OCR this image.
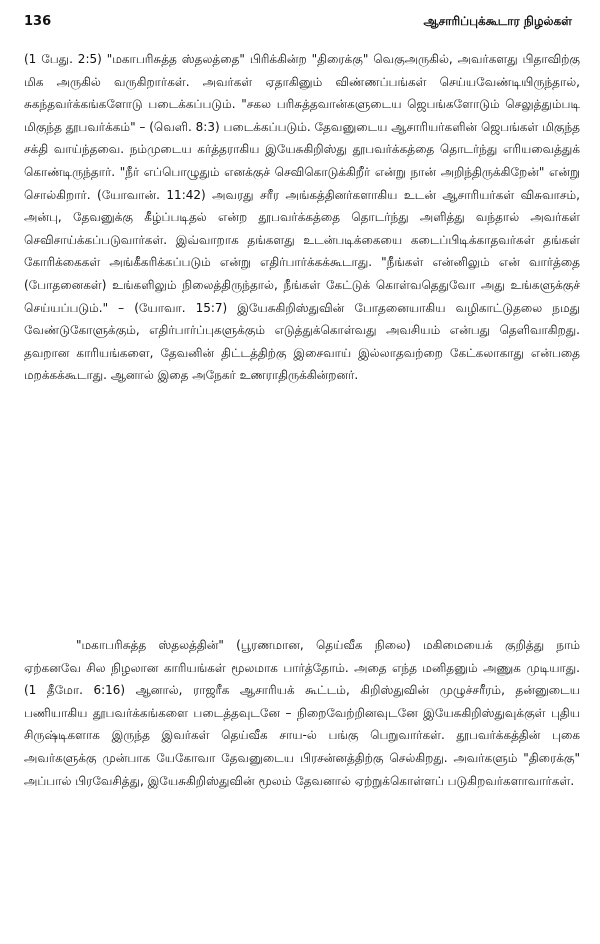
136	ஆசாரிப்புக்கூடார நிழல்கள்

(1 பேது. 2:5) "மகாபரிசுத்த ஸ்தலத்தை" பிரிக்கின்ற "திரைக்கு" வெகுஅருகில், அவர்களது பிதாவிற்கு மிக அருகில் வருகிறார்கள். அவர்கள் ஏதாகினும் விண்ணப்பங்கள் செய்யவேண்டியிருந்தால், சுகந்தவர்க்கங்களோடு படைக்கப்படும். "சகல பரிசுத்தவான்களுடைய ஜெபங்களோடும் செலுத்தும்படி மிகுந்த தூபவர்க்கம்" – (வெளி. 8:3) படைக்கப்படும். தேவனுடைய ஆசாரியர்களின் ஜெபங்கள் மிகுந்த சக்தி வாய்ந்தவை. நம்முடைய கர்த்தராகிய இயேசுகிறிஸ்து தூபவர்க்கத்தை தொடர்ந்து எரியவைத்துக் கொண்டிருந்தார். "நீர் எப்பொழுதும் எனக்குச் செவிகொடுக்கிறீர் என்று நான் அறிந்திருக்கிறேன்" என்று சொல்கிறார். (யோவான். 11:42) அவரது சரீர அங்கத்தினர்களாகிய உடன் ஆசாரியர்கள் விசுவாசம், அன்பு, தேவனுக்கு கீழ்ப்படிதல் என்ற தூபவர்க்கத்தை தொடர்ந்து அளித்து வந்தால் அவர்கள் செவிசாய்க்கப்படுவார்கள். இவ்வாறாக தங்களது உடன்படிக்கையை கடைப்பிடிக்காதவர்கள் தங்கள் கோரிக்கைகள் அங்கீகரிக்கப்படும் என்று எதிர்பார்க்கக்கூடாது. "நீங்கள் என்னிலும் என் வார்த்தை (போதனைகள்) உங்களிலும் நிலைத்திருந்தால், நீங்கள் கேட்டுக் கொள்வதெதுவோ அது உங்களுக்குச் செய்யப்படும்." – (யோவா. 15:7) இயேசுகிறிஸ்துவின் போதனையாகிய வழிகாட்டுதலை நமது வேண்டுகோளுக்கும், எதிர்பார்ப்புகளுக்கும் எடுத்துக்கொள்வது அவசியம் என்பது தெளிவாகிறது. தவறான காரியங்களை, தேவனின் திட்டத்திற்கு இசைவாய் இல்லாதவற்றை கேட்கலாகாது என்பதை மறக்கக்கூடாது. ஆனால் இதை அநேகர் உணராதிருக்கின்றனர்.

"மகாபரிசுத்த ஸ்தலத்தின்" (பூரணமான, தெய்வீக நிலை) மகிமையைக் குறித்து நாம் ஏற்கனவே சில நிழலான காரியங்கள் மூலமாக பார்த்தோம். அதை எந்த மனிதனும் அணுக முடியாது. (1 தீமோ. 6:16) ஆனால், ராஜரீக ஆசாரியக் கூட்டம், கிறிஸ்துவின் முழுச்சரீரம், தன்னுடைய பணியாகிய தூபவர்க்கங்களை படைத்தவுடனே – நிறைவேற்றினவுடனே இயேசுகிறிஸ்துவுக்குள் புதிய சிருஷ்டிகளாக இருந்த இவர்கள் தெய்வீக சாய-ல் பங்கு பெறுவார்கள். தூபவர்க்கத்தின் புகை அவர்களுக்கு முன்பாக யேகோவா தேவனுடைய பிரசன்னத்திற்கு செல்கிறது. அவர்களும் "திரைக்கு" அப்பால் பிரவேசித்து, இயேசுகிறிஸ்துவின் மூலம் தேவனால் ஏற்றுக்கொள்ளப் படுகிறவர்களாவார்கள்.
